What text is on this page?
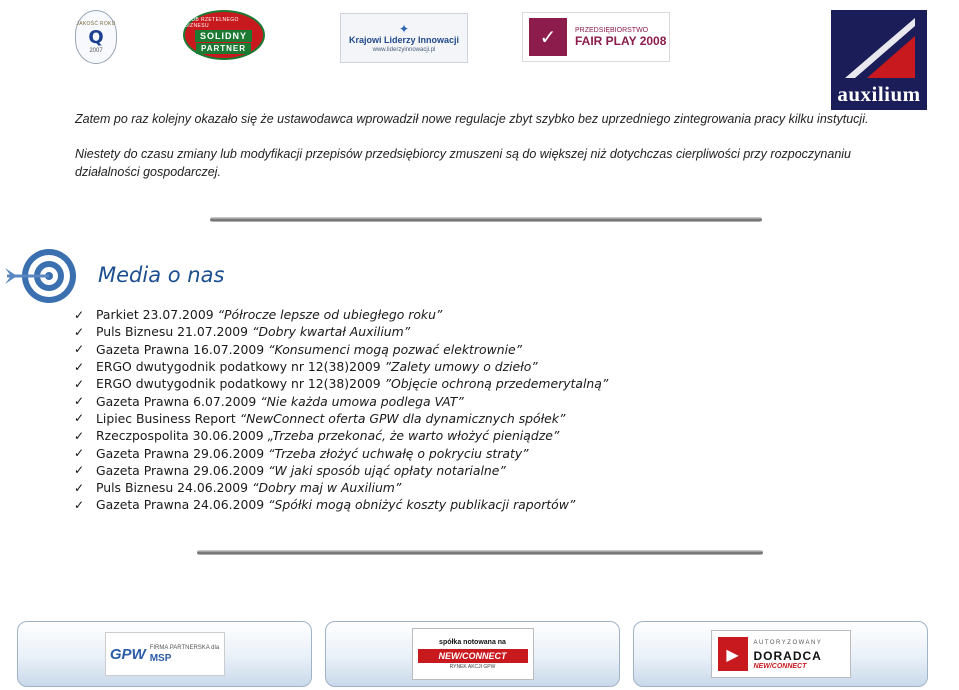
JAKOŚĆ ROKU
Q
2007
KLUB RZETELNEGO BIZNESU
SOLIDNY
PARTNER
✦
Krajowi Liderzy Innowacji
www.liderzyinnowacji.pl
✓	PRZEDSIĘBIORSTWO
FAIR PLAY 2008
auxilium
Zatem po raz kolejny okazało się że ustawodawca wprowadził nowe regulacje zbyt szybko bez uprzedniego zintegrowania pracy kilku instytucji.
Niestety do czasu zmiany lub modyfikacji przepisów przedsiębiorcy zmuszeni są do większej niż dotychczas cierpliwości przy rozpoczynaniu
działalności gospodarczej.
Media o nas
✓ Parkiet 23.07.2009 “Półrocze lepsze od ubiegłego roku”
✓ Puls Biznesu 21.07.2009 “Dobry kwartał Auxilium”
✓ Gazeta Prawna 16.07.2009 “Konsumenci mogą pozwać elektrownie”
✓ ERGO dwutygodnik podatkowy nr 12(38)2009 ”Zalety umowy o dzieło”
✓ ERGO dwutygodnik podatkowy nr 12(38)2009 ”Objęcie ochroną przedemerytalną”
✓ Gazeta Prawna 6.07.2009 “Nie każda umowa podlega VAT”
✓ Lipiec Business Report “NewConnect oferta GPW dla dynamicznych spółek”
✓ Rzeczpospolita 30.06.2009 „Trzeba przekonać, że warto włożyć pieniądze”
✓ Gazeta Prawna 29.06.2009 “Trzeba złożyć uchwałę o pokryciu straty”
✓ Gazeta Prawna 29.06.2009 “W jaki sposób ująć opłaty notarialne”
✓ Puls Biznesu 24.06.2009 “Dobry maj w Auxilium”
✓ Gazeta Prawna 24.06.2009 “Spółki mogą obniżyć koszty publikacji raportów”
GPW FIRMA PARTNERSKA dla
MSP
spółka notowana na
NEW/CONNECT
RYNEK AKCJI GPW
▶
AUTORYZOWANY
DORADCA
NEW/CONNECT
